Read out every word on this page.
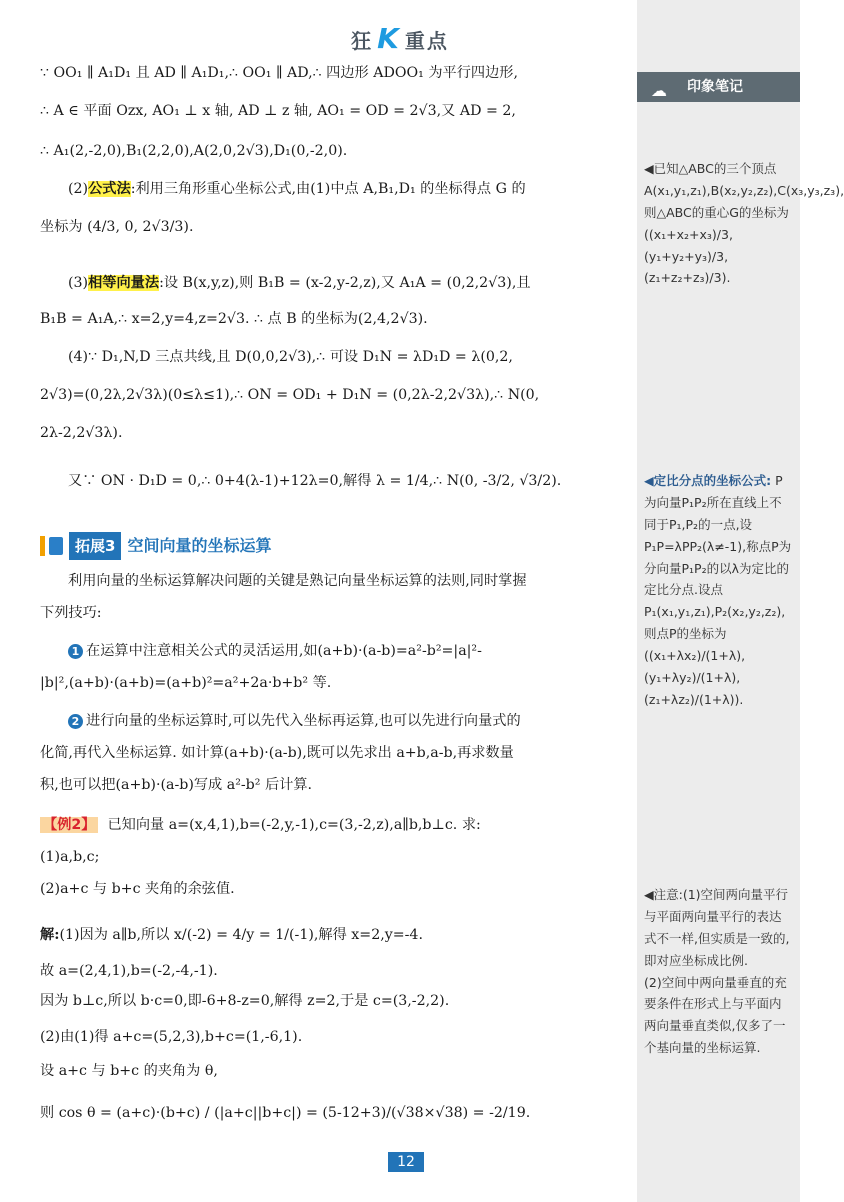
狂 K 重点
☁ 印象笔记
◀已知△ABC的三个顶点A(x₁,y₁,z₁),B(x₂,y₂,z₂),C(x₃,y₃,z₃),则△ABC的重心G的坐标为
((x₁+x₂+x₃)/3, (y₁+y₂+y₃)/3, (z₁+z₂+z₃)/3).
◀定比分点的坐标公式: P为向量P₁P₂所在直线上不同于P₁,P₂的一点,设P₁P=λPP₂(λ≠-1),称点P为分向量P₁P₂的以λ为定比的定比分点.设点P₁(x₁,y₁,z₁),P₂(x₂,y₂,z₂),则点P的坐标为
((x₁+λx₂)/(1+λ), (y₁+λy₂)/(1+λ), (z₁+λz₂)/(1+λ)).
◀注意:(1)空间两向量平行与平面两向量平行的表达式不一样,但实质是一致的,即对应坐标成比例.
(2)空间中两向量垂直的充要条件在形式上与平面内两向量垂直类似,仅多了一个基向量的坐标运算.
∵ OO₁ ∥ A₁D₁ 且 AD ∥ A₁D₁,∴ OO₁ ∥ AD,∴ 四边形 ADOO₁ 为平行四边形,
∴ A ∈ 平面 Ozx, AO₁ ⊥ x 轴, AD ⊥ z 轴, AO₁ = OD = 2√3,又 AD = 2,
∴ A₁(2,-2,0),B₁(2,2,0),A(2,0,2√3),D₁(0,-2,0).
(2)公式法:利用三角形重心坐标公式,由(1)中点 A,B₁,D₁ 的坐标得点 G 的
坐标为 (4/3, 0, 2√3/3).
(3)相等向量法:设 B(x,y,z),则 B₁B = (x-2,y-2,z),又 A₁A = (0,2,2√3),且
B₁B = A₁A,∴ x=2,y=4,z=2√3. ∴ 点 B 的坐标为(2,4,2√3).
(4)∵ D₁,N,D 三点共线,且 D(0,0,2√3),∴ 可设 D₁N = λD₁D = λ(0,2,
2√3)=(0,2λ,2√3λ)(0≤λ≤1),∴ ON = OD₁ + D₁N = (0,2λ-2,2√3λ),∴ N(0,
2λ-2,2√3λ).
又∵ ON · D₁D = 0,∴ 0+4(λ-1)+12λ=0,解得 λ = 1/4,∴ N(0, -3/2, √3/2).
拓展3 空间向量的坐标运算
利用向量的坐标运算解决问题的关键是熟记向量坐标运算的法则,同时掌握
下列技巧:
1 在运算中注意相关公式的灵活运用,如(a+b)·(a-b)=a²-b²=|a|²-
|b|²,(a+b)·(a+b)=(a+b)²=a²+2a·b+b² 等.
2 进行向量的坐标运算时,可以先代入坐标再运算,也可以先进行向量式的
化简,再代入坐标运算. 如计算(a+b)·(a-b),既可以先求出 a+b,a-b,再求数量
积,也可以把(a+b)·(a-b)写成 a²-b² 后计算.
【例2】 已知向量 a=(x,4,1),b=(-2,y,-1),c=(3,-2,z),a∥b,b⊥c. 求:
(1)a,b,c;
(2)a+c 与 b+c 夹角的余弦值.
解:(1)因为 a∥b,所以 x/(-2) = 4/y = 1/(-1),解得 x=2,y=-4.
故 a=(2,4,1),b=(-2,-4,-1).
因为 b⊥c,所以 b·c=0,即-6+8-z=0,解得 z=2,于是 c=(3,-2,2).
(2)由(1)得 a+c=(5,2,3),b+c=(1,-6,1).
设 a+c 与 b+c 的夹角为 θ,
则 cos θ = (a+c)·(b+c) / (|a+c||b+c|) = (5-12+3)/(√38×√38) = -2/19.
12
